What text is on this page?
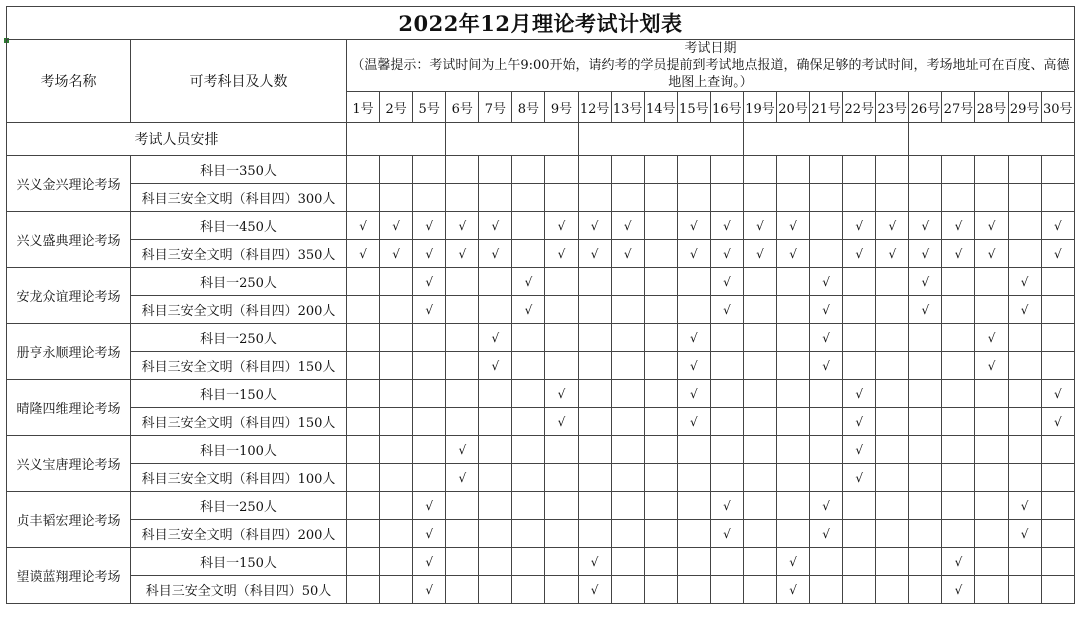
2022年12月理论考试计划表																							
考场名称	可考科目及人数	考试日期
（温馨提示：考试时间为上午9:00开始，请约考的学员提前到考试地点报道，确保足够的考试时间，考场地址可在百度、高德地图上查询。）																					

		1号	2号	5号	6号	7号	8号	9号	12号	13号	14号	15号	16号	19号	20号	21号	22号	23号	26号	27号	28号	29号	30号
考试人员安排																							
兴义金兴理论考场	科目一350人																						
	科目三安全文明（科目四）300人																						
兴义盛典理论考场	科目一450人	√	√	√	√	√		√	√	√		√	√	√	√		√	√	√	√	√		√
	科目三安全文明（科目四）350人	√	√	√	√	√		√	√	√		√	√	√	√		√	√	√	√	√		√
安龙众谊理论考场	科目一250人			√			√						√			√			√			√	
	科目三安全文明（科目四）200人			√			√						√			√			√			√	
册亨永顺理论考场	科目一250人					√						√				√					√		
	科目三安全文明（科目四）150人					√						√				√					√		
晴隆四维理论考场	科目一150人							√				√					√						√
	科目三安全文明（科目四）150人							√				√					√						√
兴义宝唐理论考场	科目一100人				√												√						
	科目三安全文明（科目四）100人				√												√						
贞丰韬宏理论考场	科目一250人			√									√			√						√	
	科目三安全文明（科目四）200人			√									√			√						√	
望谟蓝翔理论考场	科目一150人			√					√						√					√			
	科目三安全文明（科目四）50人			√					√						√					√			
